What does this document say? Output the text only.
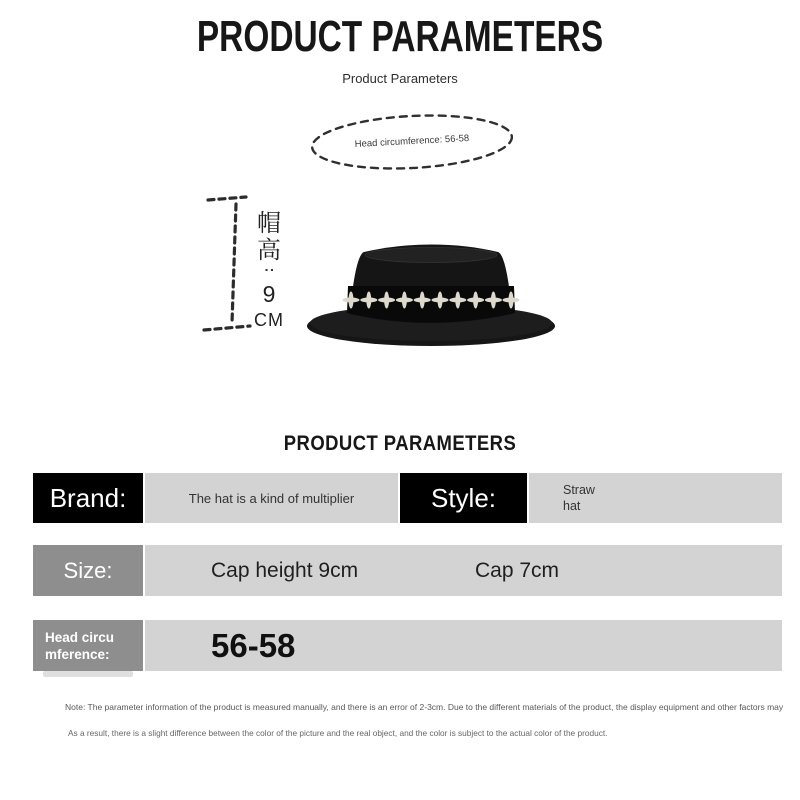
PRODUCT PARAMETERS
Product Parameters
Head circumference: 56-58
帽
高
:
9
CM
PRODUCT PARAMETERS
Brand:	The hat is a kind of multiplier	Style:	Straw
hat
Size:	Cap height 9cm	Cap 7cm
Head circu
mference:	56-58
Note: The parameter information of the product is measured manually, and there is an error of 2-3cm. Due to the different materials of the product, the display equipment and other factors may
As a result, there is a slight difference between the color of the picture and the real object, and the color is subject to the actual color of the product.
